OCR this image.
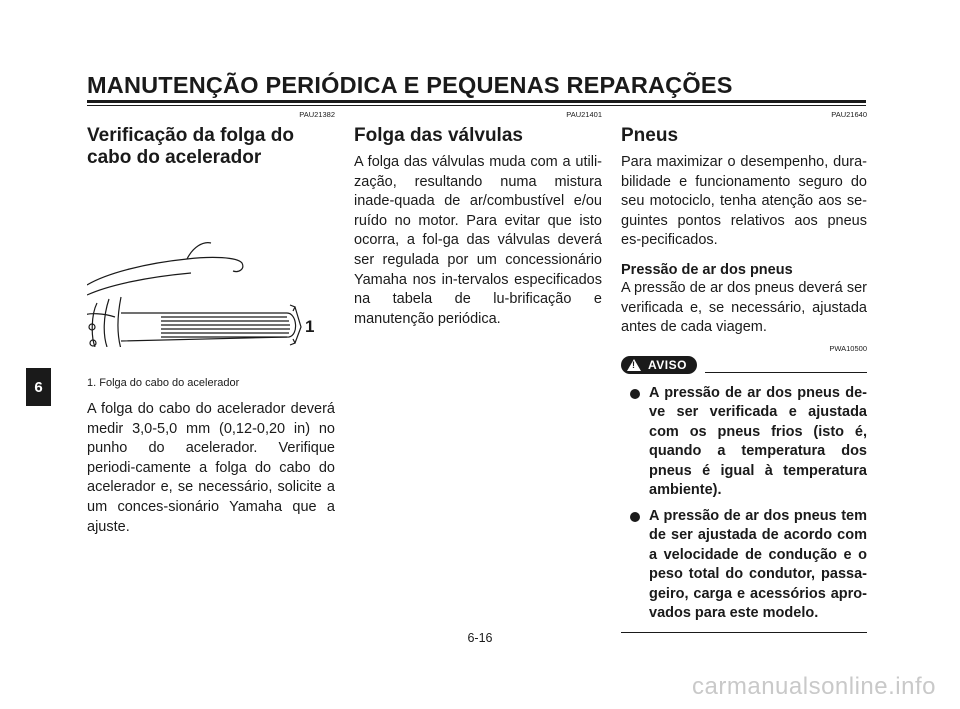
MANUTENÇÃO PERIÓDICA E PEQUENAS REPARAÇÕES
6
PAU21382
Verificação da folga do cabo do acelerador
1
1. Folga do cabo do acelerador

A folga do cabo do acelerador deverá medir 3,0-5,0 mm (0,12-0,20 in) no punho do acelerador. Verifique periodi-camente a folga do cabo do acelerador e, se necessário, solicite a um conces-sionário Yamaha que a ajuste.

PAU21401
Folga das válvulas

A folga das válvulas muda com a utili-zação, resultando numa mistura inade-quada de ar/combustível e/ou ruído no motor. Para evitar que isto ocorra, a fol-ga das válvulas deverá ser regulada por um concessionário Yamaha nos in-tervalos especificados na tabela de lu-brificação e manutenção periódica.

PAU21640
Pneus

Para maximizar o desempenho, dura-bilidade e funcionamento seguro do seu motociclo, tenha atenção aos se-guintes pontos relativos aos pneus es-pecificados.

Pressão de ar dos pneus

A pressão de ar dos pneus deverá ser verificada e, se necessário, ajustada antes de cada viagem.

PWA10500
! AVISO
A pressão de ar dos pneus de-ve ser verificada e ajustada com os pneus frios (isto é, quando a temperatura dos pneus é igual à temperatura ambiente).
A pressão de ar dos pneus tem de ser ajustada de acordo com a velocidade de condução e o peso total do condutor, passa-geiro, carga e acessórios apro-vados para este modelo.
6-16
carmanualsonline.info
